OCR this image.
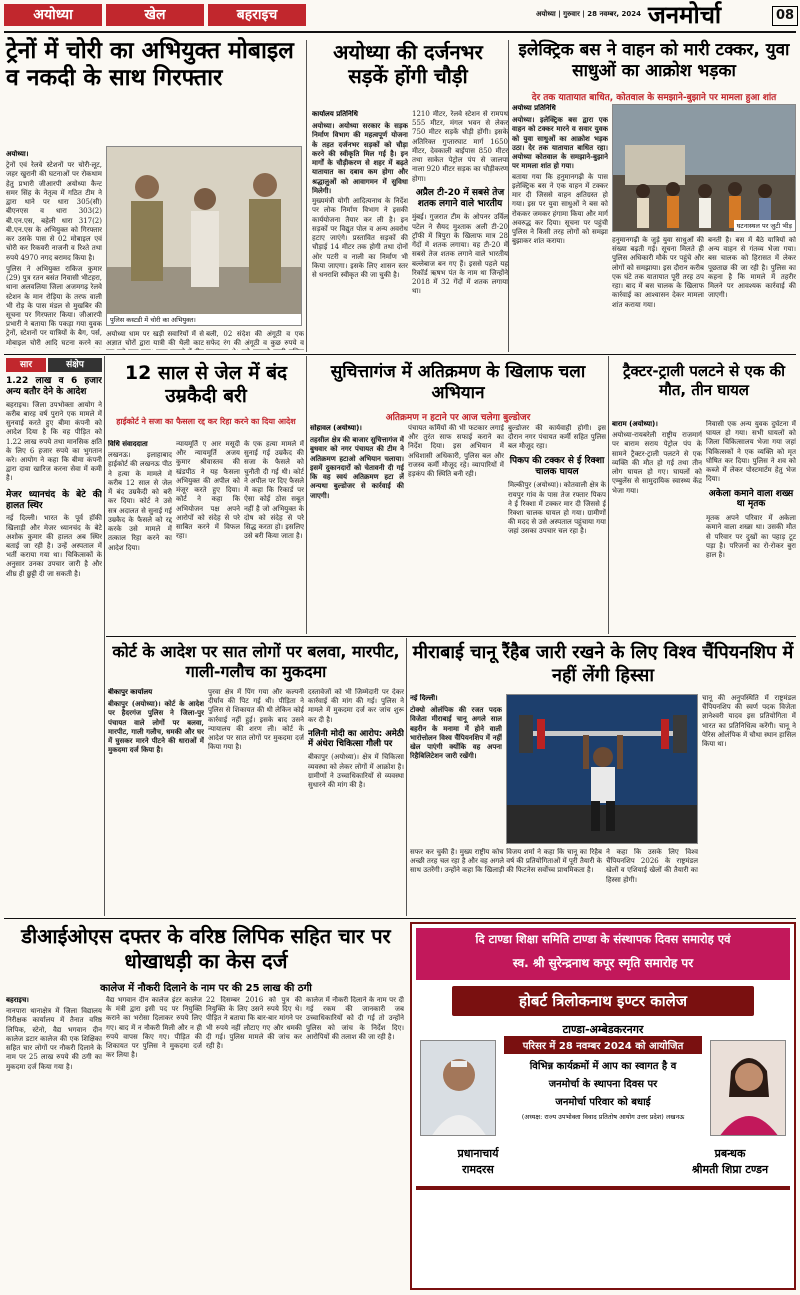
अयोध्या	खेल	बहराइच	अयोध्या | गुरुवार | 28 नवम्बर, 2024 जनमोर्चा	08
ट्रेनों में चोरी का अभियुक्त मोबाइल व नकदी के साथ गिरफ्तार
अयोध्या।

ट्रेनों एवं रेलवे स्टेशनों पर चोरी-लूट, जहर खुरानी की घटनाओं पर रोकथाम हेतु प्रभारी जीआरपी अयोध्या कैन्ट समर सिंह के नेतृत्व में गठित टीम ने द्वारा थाने पर धारा 305(सी) बीएनएस व धारा 303(2) बी.एन.एस, बहेली धारा 317(2) बी.एन.एस के अभियुक्त को गिरफ्तार कर उसके पास से 02 मोबाइल एवं चोरी कर रिकवरी नाजनी व रिश्ते तथा रुपये 4970 नगद बरामद किया है।

पुलिस ने अभियुक्त राकिज कुमार (29) पुत्र रतन बसंत निवासी भीटहरा, थाना अलवलिया जिला अजमगढ़ रेलवे स्टेशन के मान रोड़िया के तरफ वाली भी रोड़ के पास मंडल से मुखबिर की सूचना पर गिरफ्तार किया। जीआरपी प्रभारी ने बताया कि पकड़ा गया युवक ट्रेनों, स्टेशनों पर यात्रियों के बैग, पर्स, मोबाइल चोरी आदि घटना करने का

पुलिस कस्टडी में चोरी का अभियुक्त।

अयोध्या धाम पर खड़ी सवारियों में से अज्ञात चोरों द्वारा यात्री की थैली काट

बली, 02 संदेश की अंगूठी व एक सफेद रंग की अंगूठी व कुछ रुपये व

अयोध्या की दर्जनभर सड़कें होंगी चौड़ी
कार्यालय प्रतिनिधि

अयोध्या। अयोध्या सरकार के सड़क निर्माण विभाग की महत्वपूर्ण योजना के तहत दर्जनभर सड़कों को चौड़ा करने की स्वीकृति मिल गई है। इन मार्गों के चौड़ीकरण से शहर में बढ़ते यातायात का दबाव कम होगा और श्रद्धालुओं को आवागमन में सुविधा मिलेगी।

मुख्यमंत्री योगी आदित्यनाथ के निर्देश पर लोक निर्माण विभाग ने इसकी कार्ययोजना तैयार कर ली है। इन सड़कों पर विद्युत पोल व अन्य अवरोध हटाए जाएंगे। प्रस्तावित सड़कों की चौड़ाई 14 मीटर तक होगी तथा दोनों ओर पटरी व नाली का निर्माण भी किया जाएगा। इसके लिए शासन स्तर से धनराशि स्वीकृत की जा चुकी है।

1210 मीटर, रेलवे स्टेशन से रामपथ 555 मीटर, मंगल भवन से लेकर 750 मीटर सड़कें चौड़ी होंगी। इसके अतिरिक्त गुप्तारघाट मार्ग 1650 मीटर, देवकाली बाईपास 850 मीटर तथा साकेत पेट्रोल पंप से जालपा नाला 920 मीटर सड़क का चौड़ीकरण होगा।

अप्रैल टी-20 में सबसे तेज शतक लगाने वाले भारतीय

मुंबई। गुजरात टीम के ओपनर उर्विल पटेल ने सैयद मुश्ताक अली टी-20 ट्रॉफी में त्रिपुरा के खिलाफ मात्र 28 गेंदों में शतक लगाया। वह टी-20 में सबसे तेज शतक लगाने वाले भारतीय बल्लेबाज बन गए हैं। इससे पहले यह रिकॉर्ड ऋषभ पंत के नाम था जिन्होंने 2018 में 32 गेंदों में शतक लगाया था।

इलेक्ट्रिक बस ने वाहन को मारी टक्कर, युवा साधुओं का आक्रोश भड़का
देर तक यातायात बाधित, कोतवाल के समझाने-बुझाने पर मामला हुआ शांत
अयोध्या प्रतिनिधि

अयोध्या। इलेक्ट्रिक बस द्वारा एक वाहन को टक्कर मारने व सवार युवक को युवा साधुओं का आक्रोश भड़क उठा। देर तक यातायात बाधित रहा। अयोध्या कोतवाल के समझाने-बुझाने पर मामला शांत हो गया।

बताया गया कि हनुमानगढ़ी के पास इलेक्ट्रिक बस ने एक वाहन में टक्कर मार दी जिससे वाहन क्षतिग्रस्त हो गया। इस पर युवा साधुओं ने बस को रोककर जमकर हंगामा किया और मार्ग अवरुद्ध कर दिया। सूचना पर पहुंची पुलिस ने किसी तरह लोगों को समझा बुझाकर शांत कराया।

घटनास्थल पर जुटी भीड़

हनुमानगढ़ी के जुड़े युवा साधुओं की संख्या बढ़ती गई। सूचना मिलते ही पुलिस अधिकारी मौके पर पहुंचे और लोगों को समझाया। इस दौरान करीब एक घंटे तक यातायात पूरी तरह ठप रहा। बाद में बस चालक के खिलाफ कार्रवाई का आश्वासन देकर मामला शांत कराया गया।

बनती है। बस में बैठे यात्रियों को अन्य वाहन से गंतव्य भेजा गया। बस चालक को हिरासत में लेकर पूछताछ की जा रही है। पुलिस का कहना है कि मामले में तहरीर मिलने पर आवश्यक कार्रवाई की जाएगी।

सार	संक्षेप
1.22 लाख व 6 हजार अन्य बतौर देने के आदेश

बहराइच। जिला उपभोक्ता आयोग ने करीब बारह वर्ष पुराने एक मामले में सुनवाई करते हुए बीमा कंपनी को आदेश दिया है कि वह पीड़ित को 1.22 लाख रुपये तथा मानसिक क्षति के लिए 6 हजार रुपये का भुगतान करे। आयोग ने कहा कि बीमा कंपनी द्वारा दावा खारिज करना सेवा में कमी है।

मेजर ध्यानचंद के बेटे की हालत स्थिर

नई दिल्ली। भारत के पूर्व हॉकी खिलाड़ी और मेजर ध्यानचंद के बेटे अशोक कुमार की हालत अब स्थिर बताई जा रही है। उन्हें अस्पताल में भर्ती कराया गया था। चिकित्सकों के अनुसार उनका उपचार जारी है और शीघ्र ही छुट्टी दी जा सकती है।

12 साल से जेल में बंद उम्रकैदी बरी
हाईकोर्ट ने सजा का फैसला रद्द कर रिहा करने का दिया आदेश
विधि संवाददाता

लखनऊ। इलाहाबाद हाईकोर्ट की लखनऊ पीठ ने हत्या के मामले में करीब 12 साल से जेल में बंद उम्रकैदी को बरी कर दिया। कोर्ट ने उसे सत्र अदालत से सुनाई गई उम्रकैद के फैसले को रद्द करके उसे मामले में तत्काल रिहा करने का आदेश दिया।

न्यायमूर्ति ए आर मसूदी और न्यायमूर्ति अजय कुमार श्रीवास्तव की खंडपीठ ने यह फैसला अभियुक्त की अपील को मंजूर करते हुए दिया। कोर्ट ने कहा कि अभियोजन पक्ष अपने आरोपों को संदेह से परे साबित करने में विफल रहा।

के एक हत्या मामले में सुनाई गई उम्रकैद की सजा के फैसले को चुनौती दी गई थी। कोर्ट ने अपील पर दिए फैसले में कहा कि रिकार्ड पर ऐसा कोई ठोस सबूत नहीं है जो अभियुक्त के दोष को संदेह से परे सिद्ध करता हो। इसलिए उसे बरी किया जाता है।

सुचित्तागंज में अतिक्रमण के खिलाफ चला अभियान
अतिक्रमण न हटाने पर आज चलेगा बुल्डोजर
सोहावल (अयोध्या)।

तहसील क्षेत्र की बाजार सुचित्तागंज में बुधवार को नगर पंचायत की टीम ने अतिक्रमण हटाओ अभियान चलाया। इसमें दुकानदारों को चेतावनी दी गई कि वह स्वयं अतिक्रमण हटा लें अन्यथा बुल्डोजर से कार्रवाई की जाएगी।

पंचायत कर्मियों की भी फटकार लगाई और तुरंत साफ सफाई कराने का निर्देश दिया। इस अभियान में अधिशासी अधिकारी, पुलिस बल और राजस्व कर्मी मौजूद रहे। व्यापारियों में हड़कंप की स्थिति बनी रही।

बुल्डोजर की कार्यवाही होगी। इस दौरान नगर पंचायत कर्मी सहित पुलिस बल मौजूद रहा।

पिकप की टक्कर से ई रिक्शा चालक घायल

मिल्कीपुर (अयोध्या)। कोतवाली क्षेत्र के रायपुर गांव के पास तेज रफ्तार पिकप ने ई रिक्शा में टक्कर मार दी जिससे ई रिक्शा चालक घायल हो गया। ग्रामीणों की मदद से उसे अस्पताल पहुंचाया गया जहां उसका उपचार चल रहा है।

ट्रैक्टर-ट्राली पलटने से एक की मौत, तीन घायल
बाराम (अयोध्या)।

अयोध्या-रायबरेली राष्ट्रीय राजमार्ग पर बाराम सराय पेट्रोल पंप के सामने ट्रैक्टर-ट्राली पलटने से एक व्यक्ति की मौत हो गई तथा तीन लोग घायल हो गए। घायलों को एम्बुलेंस से सामुदायिक स्वास्थ्य केंद्र भेजा गया।

निवासी एक अन्य युवक दुर्घटना में घायल हो गया। सभी घायलों को जिला चिकित्सालय भेजा गया जहां चिकित्सकों ने एक व्यक्ति को मृत घोषित कर दिया। पुलिस ने शव को कब्जे में लेकर पोस्टमार्टम हेतु भेज दिया।

अकेला कमाने वाला शख्स था मृतक

मृतक अपने परिवार में अकेला कमाने वाला शख्स था। उसकी मौत से परिवार पर दुखों का पहाड़ टूट पड़ा है। परिजनों का रो-रोकर बुरा हाल है।

कोर्ट के आदेश पर सात लोगों पर बलवा, मारपीट, गाली-गलौच का मुकदमा
बीकापुर कार्यालय

बीकापुर (अयोध्या)। कोर्ट के आदेश पर हैदरगंज पुलिस ने जिला-पुर पंचायत वाले लोगों पर बलवा, मारपीट, गाली गलौच, धमकी और घर में घुसकर मारने पीटने की धाराओं में मुकदमा दर्ज किया है।

पुरवा क्षेत्र में पिंग गया और कल्पनी दीर्घाव की पिट गई थी। पीड़िता ने पुलिस से शिकायत की थी लेकिन कोई कार्रवाई नहीं हुई। इसके बाद उसने न्यायालय की शरण ली। कोर्ट के आदेश पर सात लोगों पर मुकदमा दर्ज किया गया है।

दस्तावेजों को भी जिम्मेदारी पर देकर कार्रवाई की मांग की गई। पुलिस ने मामले में मुकदमा दर्ज कर जांच शुरू कर दी है।

नलिनी मोदी का आरोप: अमेठी में अंधेरा चिकित्सा गौली पर

बीकापुर (अयोध्या)। क्षेत्र में चिकित्सा व्यवस्था को लेकर लोगों में आक्रोश है। ग्रामीणों ने उच्चाधिकारियों से व्यवस्था सुधारने की मांग की है।

मीराबाई चानू रैंहैब जारी रखने के लिए विश्व चैंपियनशिप में नहीं लेंगी हिस्सा
नई दिल्ली।

टोक्यो ओलंपिक की रजत पदक विजेता मीराबाई चानू अगले साल बहरीन के मनामा में होने वाली भारोत्तोलन विश्व चैंपियनशिप में नहीं खेल पाएंगी क्योंकि वह अपना रिहैबिलिटेशन जारी रखेंगी।

चानू की अनुपस्थिति में राष्ट्रमंडल चैंपियनशिप की स्वर्ण पदक विजेता ज्ञानेश्वरी यादव इस प्रतियोगिता में भारत का प्रतिनिधित्व करेंगी। चानू ने पेरिस ओलंपिक में चौथा स्थान हासिल किया था।

सफर कर चुकी है। मुख्य राष्ट्रीय कोच विजय शर्मा ने कहा कि चानू का रिहैब अच्छी तरह चल रहा है और वह अगले वर्ष की प्रतियोगिताओं में पूरी तैयारी के साथ उतरेंगी। उन्होंने कहा कि खिलाड़ी की फिटनेस सर्वोच्च प्राथमिकता है।

ने कहा कि उसके लिए विश्व चैंपियनशिप 2026 के राष्ट्रमंडल खेलों व एशियाई खेलों की तैयारी का हिस्सा होगी।

डीआईओएस दफ्तर के वरिष्ठ लिपिक सहित चार पर धोखाधड़ी का केस दर्ज
कालेज में नौकरी दिलाने के नाम पर की 25 लाख की ठगी
बहराइच।

नानपारा थानाक्षेत्र में जिला विद्यालय निरीक्षक कार्यालय में तैनात वरिष्ठ लिपिक, स्टेनो, वैद्य भगवान दीन कालेज डटार कालेज की एक शिक्षिका सहित चार लोगों पर नौकरी दिलाने के नाम पर 25 लाख रुपये की ठगी का मुकदमा दर्ज किया गया है।

वैद्य भगवान दीन कालेज इंटर कालेज के मंत्री द्वारा इसी पद पर नियुक्ति कराने का भरोसा दिलाकर रुपये लिए गए। बाद में न नौकरी मिली और न ही रुपये वापस किए गए। पीड़ित की शिकायत पर पुलिस ने मुकदमा दर्ज कर लिया है।

22 दिसम्बर 2016 को पुत्र की नियुक्ति के लिए उसने रुपये दिए थे। पीड़ित ने बताया कि बार-बार मांगने पर भी रुपये नहीं लौटाए गए और धमकी दी गई। पुलिस मामले की जांच कर रही है।

कालेज में नौकरी दिलाने के नाम पर दी गई रकम की जानकारी जब उच्चाधिकारियों को दी गई तो उन्होंने पुलिस को जांच के निर्देश दिए। आरोपियों की तलाश की जा रही है।

दि टाण्डा शिक्षा समिति टाण्डा के संस्थापक दिवस समारोह एवं
स्व. श्री सुरेन्द्रनाथ कपूर स्मृति समारोह पर
होबर्ट त्रिलोकनाथ इण्टर कालेज
टाण्डा-अम्बेडकरनगर
परिसर में 28 नवम्बर 2024 को आयोजित
विभिन्न कार्यक्रमों में आप का स्वागत है व
जनमोर्चा के स्थापना दिवस पर
जनमोर्चा परिवार को बधाई
(अध्यक्ष: राज्य उपभोक्ता विवाद प्रतितोष आयोग उत्तर प्रदेश) लखनऊ
प्रधानाचार्य
रामदरस
प्रबन्धक
श्रीमती शिप्रा टण्डन
